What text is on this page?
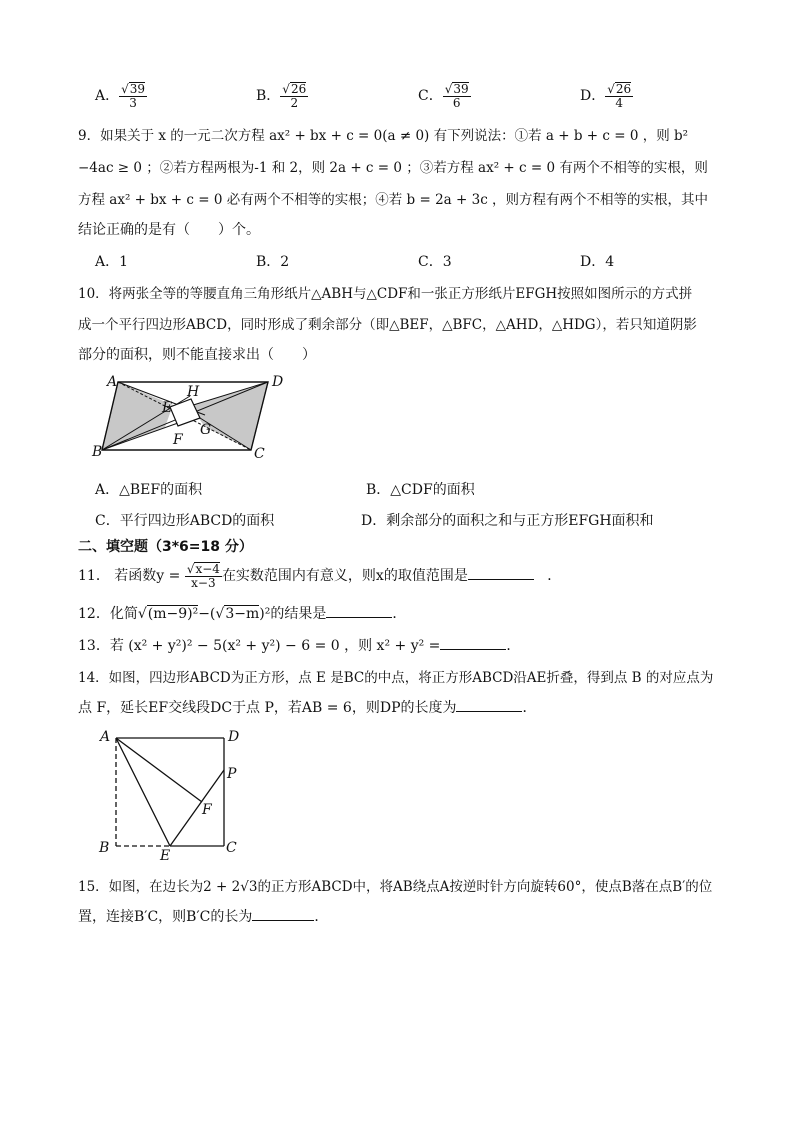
A． $\frac{√39}{3}$	B． $\frac{√26}{2}$	C． $\frac{√39}{6}$	D． $\frac{√26}{4}$
9．如果关于 x 的一元二次方程 ax² + bx + c = 0(a ≠ 0) 有下列说法：①若 a + b + c = 0 ，则 b²
−4ac ≥ 0 ；②若方程两根为-1 和 2，则 2a + c = 0 ；③若方程 ax² + c = 0 有两个不相等的实根，则
方程 ax² + bx + c = 0 必有两个不相等的实根；④若 b = 2a + 3c ，则方程有两个不相等的实根，其中
结论正确的是有（　　）个。
A．1	B．2	C．3	D．4
10．将两张全等的等腰直角三角形纸片△ABH与△CDF和一张正方形纸片EFGH按照如图所示的方式拼
成一个平行四边形ABCD，同时形成了剩余部分（即△BEF，△BFC，△AHD，△HDG），若只知道阴影
部分的面积，则不能直接求出（　　）
A	D
B	C
H
E
G
F
A．△BEF的面积	B．△CDF的面积
C．平行四边形ABCD的面积	D．剩余部分的面积之和与正方形EFGH面积和
二、填空题（3*6=18 分）
11． 若函数$y = \frac{√x-4}{x-3}$ 在实数范围内有意义，则x的取值范围是	．
12．化简√(m−9)²−(√3−m)²的结果是	．
13．若 (x² + y²)² − 5(x² + y²) − 6 = 0 ，则 x² + y² =	．
14．如图，四边形ABCD为正方形，点 E 是BC的中点，将正方形ABCD沿AE折叠，得到点 B 的对应点为
点 F，延长EF交线段DC于点 P，若AB = 6，则DP的长度为	．
A	D
P
F
B	E	C
15．如图，在边长为2 + 2√3的正方形ABCD中，将AB绕点A按逆时针方向旋转60°，使点B落在点B′的位
置，连接B′C，则B′C的长为	．
